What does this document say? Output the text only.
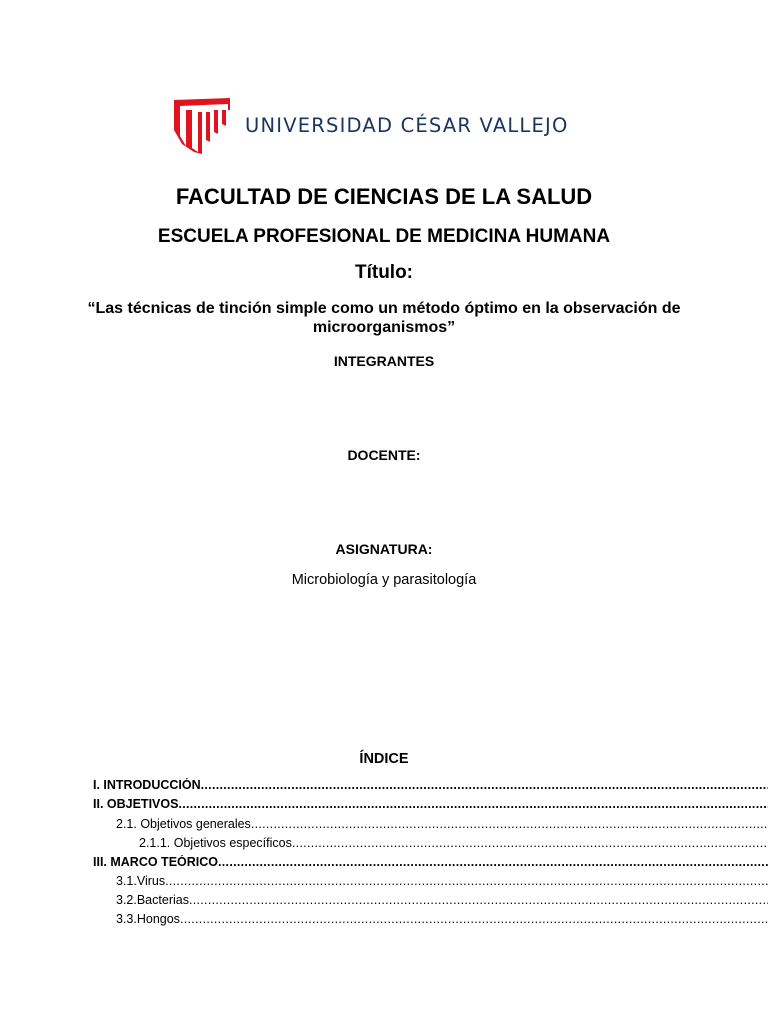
UNIVERSIDAD CÉSAR VALLEJO
FACULTAD DE CIENCIAS DE LA SALUD
ESCUELA PROFESIONAL DE MEDICINA HUMANA
Título:
“Las técnicas de tinción simple como un método óptimo en la observación de microorganismos”
INTEGRANTES
DOCENTE:
ASIGNATURA:
Microbiología y parasitología
ÍNDICE
I. INTRODUCCIÓN
.....
II. OBJETIVOS
.....
2.1. Objetivos generales
.....
2.1.1. Objetivos específicos
.....
III. MARCO TEÓRICO
.....
3.1.Virus
.....
3.2.Bacterias
.....
3.3.Hongos
.....
